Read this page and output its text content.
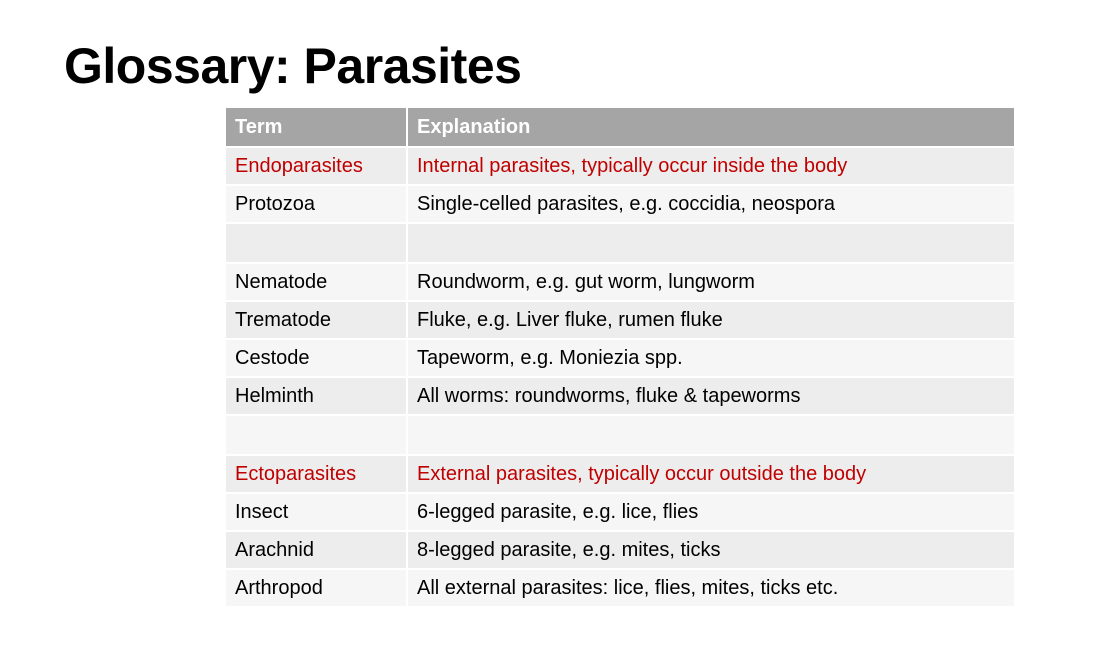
Glossary: Parasites
Term	Explanation
Endoparasites	Internal parasites, typically occur inside the body
Protozoa	Single-celled parasites, e.g. coccidia, neospora

Nematode	Roundworm, e.g. gut worm, lungworm
Trematode	Fluke, e.g. Liver fluke, rumen fluke
Cestode	Tapeworm, e.g. Moniezia spp.
Helminth	All worms: roundworms, fluke & tapeworms

Ectoparasites	External parasites, typically occur outside the body
Insect	6-legged parasite, e.g. lice, flies
Arachnid	8-legged parasite, e.g. mites, ticks
Arthropod	All external parasites: lice, flies, mites, ticks etc.
